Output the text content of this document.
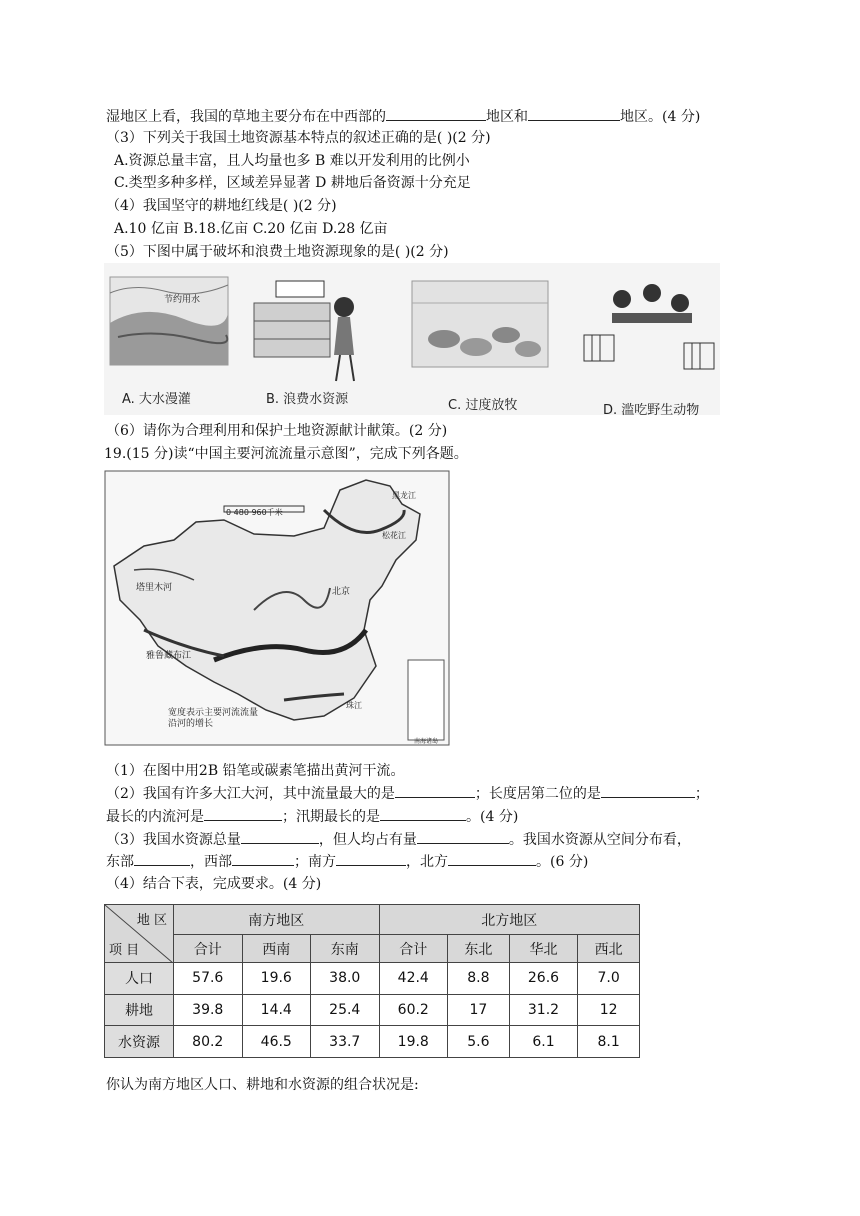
湿地区上看，我国的草地主要分布在中西部的	地区和	地区。(4 分)
（3）下列关于我国土地资源基本特点的叙述正确的是( )(2 分)
A.资源总量丰富，且人均量也多 B 难以开发利用的比例小
C.类型多种多样，区域差异显著 D 耕地后备资源十分充足
（4）我国坚守的耕地红线是( )(2 分)
A.10 亿亩 B.18.亿亩 C.20 亿亩 D.28 亿亩
（5）下图中属于破坏和浪费土地资源现象的是( )(2 分)
节约用水
A. 大水漫灌	B. 浪费水资源	C. 过度放牧	D. 滥吃野生动物
（6）请你为合理利用和保护土地资源献计献策。(2 分)
19.(15 分)读“中国主要河流流量示意图”，完成下列各题。
0 480 960千米
北京
塔里木河
雅鲁藏布江
黑龙江
松花江
珠江
宽度表示主要河流流量沿河的增长
南海诸岛
（1）在图中用2B 铅笔或碳素笔描出黄河干流。
（2）我国有许多大江大河，其中流量最大的是	；长度居第二位的是	；
最长的内流河是	；汛期最长的是	。(4 分)
（3）我国水资源总量	，但人均占有量	。我国水资源从空间分布看，
东部	，西部	；南方	，北方	。(6 分)
（4）结合下表，完成要求。(4 分)
地 区
项 目	南方地区			北方地区			
	合计	西南	东南	合计	东北	华北	西北
人口	57.6	19.6	38.0	42.4	8.8	26.6	7.0
耕地	39.8	14.4	25.4	60.2	17	31.2	12
水资源	80.2	46.5	33.7	19.8	5.6	6.1	8.1
你认为南方地区人口、耕地和水资源的组合状况是:
